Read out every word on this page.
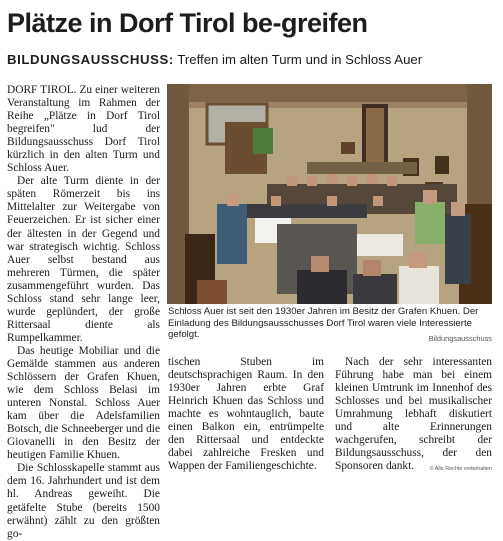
Plätze in Dorf Tirol be-greifen
BILDUNGSAUSSCHUSS: Treffen im alten Turm und in Schloss Auer

DORF TIROL. Zu einer weiteren Veranstaltung im Rahmen der Reihe „Plätze in Dorf Tirol begreifen" lud der Bildungsausschuss Dorf Tirol kürzlich in den alten Turm und Schloss Auer.

Der alte Turm diente in der späten Römerzeit bis ins Mittelalter zur Weitergabe von Feuerzeichen. Er ist sicher einer der ältesten in der Gegend und war strategisch wichtig. Schloss Auer selbst bestand aus mehreren Türmen, die später zusammengeführt wurden. Das Schloss stand sehr lange leer, wurde geplündert, der große Rittersaal diente als Rumpelkammer.

Das heutige Mobiliar und die Gemälde stammen aus anderen Schlössern der Grafen Khuen, wie dem Schloss Belasi im unteren Nonstal. Schloss Auer kam über die Adelsfamilien Botsch, die Schneeberger und die Giovanelli in den Besitz der heutigen Familie Khuen.

Die Schlosskapelle stammt aus dem 16. Jahrhundert und ist dem hl. Andreas geweiht. Die getäfelte Stube (bereits 1500 erwähnt) zählt zu den größten go-

Schloss Auer ist seit den 1930er Jahren im Besitz der Grafen Khuen. Der Einladung des Bildungsausschusses Dorf Tirol waren viele Interessierte gefolgt.	Bildungsausschuss

tischen Stuben im deutschsprachigen Raum. In den 1930er Jahren erbte Graf Heinrich Khuen das Schloss und machte es wohntauglich, baute einen Balkon ein, entrümpelte den Rittersaal und entdeckte dabei zahlreiche Fresken und Wappen der Familiengeschichte.

Nach der sehr interessanten Führung habe man bei einem kleinen Umtrunk im Innenhof des Schlosses und bei musikalischer Umrahmung lebhaft diskutiert und alte Erinnerungen wachgerufen, schreibt der Bildungsausschuss, der den Sponsoren dankt.	© Alle Rechte vorbehalten
